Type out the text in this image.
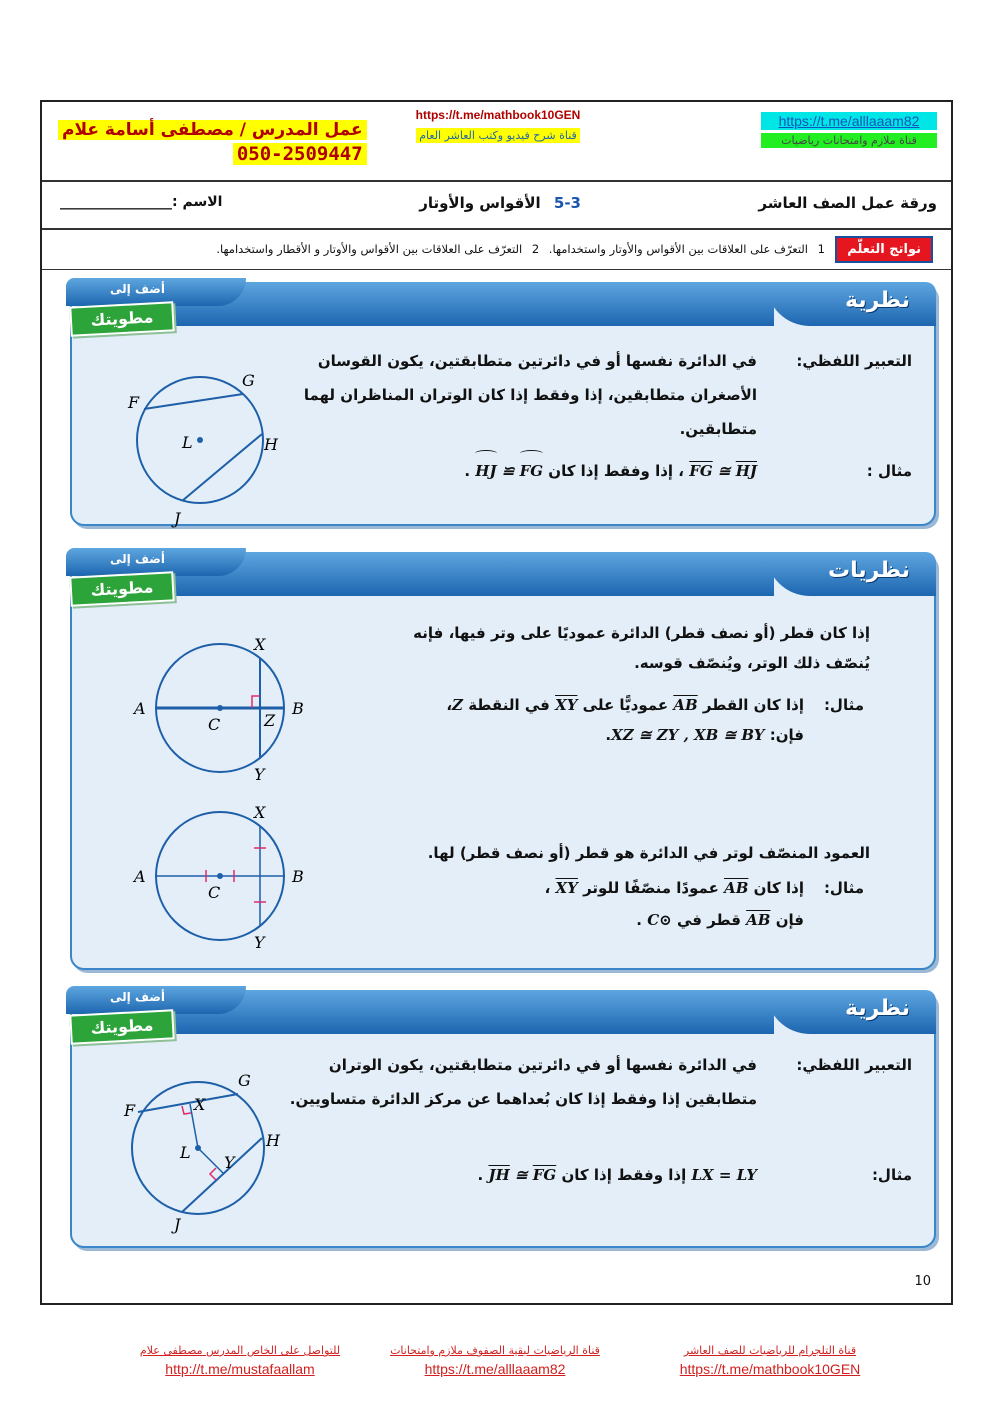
عمل المدرس / مصطفى أسامة علام
050-2509447
https://t.me/mathbook10GEN
قناة شرح فيديو وكتب العاشر العام
https://t.me/alllaaam82
قناة ملازم وامتحانات رياضيات
ورقة عمل الصف العاشر
5-3 الأقواس والأوتار
الاسم :________________
نواتج التعلّم
1 التعرّف على العلاقات بين الأقواس والأوتار واستخدامها. 2 التعرّف على العلاقات بين الأقواس والأوتار و الأقطار واستخدامها.
نظرية
أضف إلى
مطويتك
التعبير اللفظي:
في الدائرة نفسها أو في دائرتين متطابقتين، يكون القوسان الأصغران متطابقين، إذا وفقط إذا كان الوتران المناظران لهما متطابقين.
مثال :
FG ≅ HJ ، إذا وفقط إذا كان FG ≅ HJ .
F
G
L	H
J
نظريات
أضف إلى
مطويتك
إذا كان قطر (أو نصف قطر) الدائرة عموديًا على وتر فيها، فإنه يُنصّف ذلك الوتر، ويُنصّف قوسه.
مثال:
إذا كان القطر AB عموديًّا على XY في النقطة Z،
فإن: XZ ≅ ZY , XB ≅ BY.
العمود المنصّف لوتر في الدائرة هو قطر (أو نصف قطر) لها.
مثال:
إذا كان AB عمودًا منصّفًا للوتر XY ،
فإن AB قطر في ⊙C .
A	B
C
X
Y
Z
A	B
C
X
Y
نظرية
أضف إلى
مطويتك
التعبير اللفظي:
في الدائرة نفسها أو في دائرتين متطابقتين، يكون الوتران متطابقين إذا وفقط إذا كان بُعداهما عن مركز الدائرة متساويين.
مثال:
LX = LY إذا وفقط إذا كان JH ≅ FG .
F
G
X
L
H
Y
J
10
قناة التلجرام للرياضيات للصف العاشر
https://t.me/mathbook10GEN
قناة الرياضيات لبقية الصفوف ملازم وامتحانات
https://t.me/alllaaam82
للتواصل على الخاص المدرس مصطفى علام
http://t.me/mustafaallam
